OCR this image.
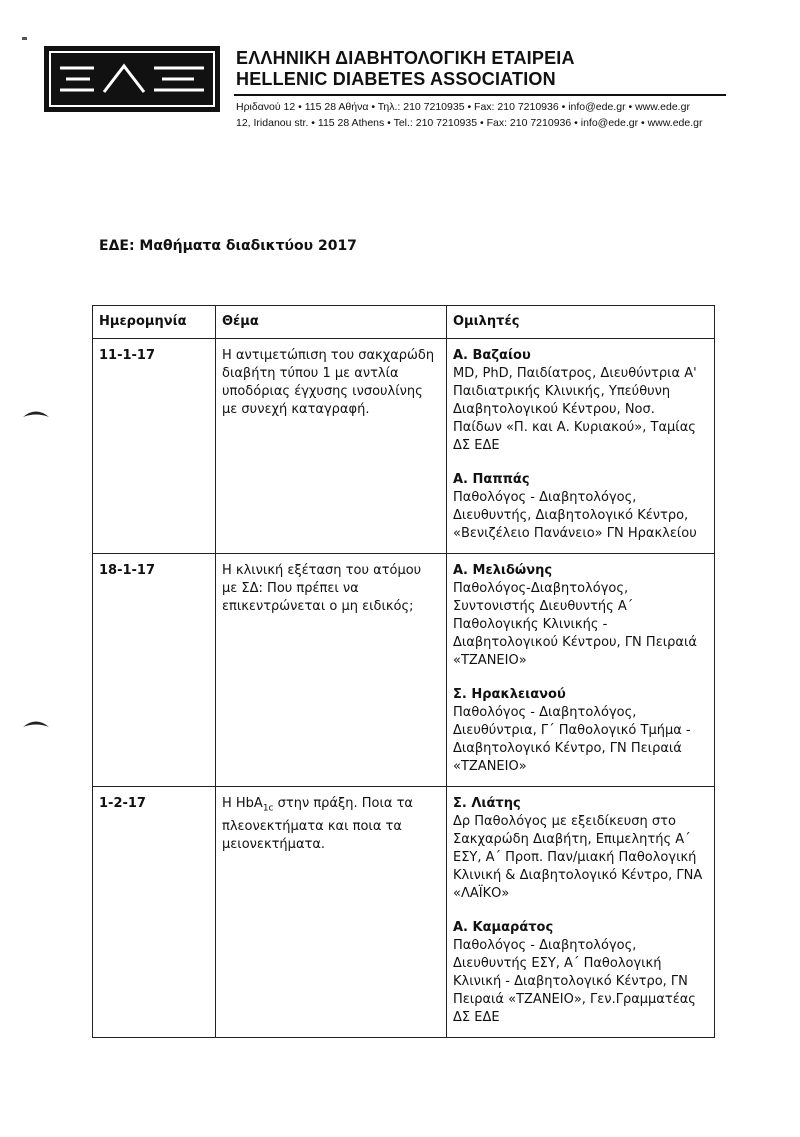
ΕΛΛΗΝΙΚΗ ΔΙΑΒΗΤΟΛΟΓΙΚΗ ΕΤΑΙΡΕΙΑ
HELLENIC DIABETES ASSOCIATION
Ηριδανού 12 • 115 28 Αθήνα • Τηλ.: 210 7210935 • Fax: 210 7210936 • info@ede.gr • www.ede.gr
12, Iridanou str. • 115 28 Athens • Tel.: 210 7210935 • Fax: 210 7210936 • info@ede.gr • www.ede.gr
ΕΔΕ: Μαθήματα διαδικτύου 2017
Ημερομηνία	Θέμα	Ομιλητές
11-1-17	Η αντιμετώπιση του σακχαρώδη διαβήτη τύπου 1 με αντλία υποδόριας έγχυσης ινσουλίνης με συνεχή καταγραφή.	Α. Βαζαίου
MD, PhD, Παιδίατρος, Διευθύντρια Α' Παιδιατρικής Κλινικής, Υπεύθυνη Διαβητολογικού Κέντρου, Νοσ. Παίδων «Π. και Α. Κυριακού», Ταμίας ΔΣ ΕΔΕ
Α. Παππάς
Παθολόγος - Διαβητολόγος, Διευθυντής, Διαβητολογικό Κέντρο, «Βενιζέλειο Πανάνειο» ΓΝ Ηρακλείου

18-1-17	Η κλινική εξέταση του ατόμου με ΣΔ: Που πρέπει να επικεντρώνεται ο μη ειδικός;	Α. Μελιδώνης
Παθολόγος-Διαβητολόγος, Συντονιστής Διευθυντής Α΄ Παθολογικής Κλινικής - Διαβητολογικού Κέντρου, ΓΝ Πειραιά «ΤΖΑΝΕΙΟ»
Σ. Ηρακλειανού
Παθολόγος - Διαβητολόγος, Διευθύντρια, Γ΄ Παθολογικό Τμήμα - Διαβητολογικό Κέντρο, ΓΝ Πειραιά «ΤΖΑΝΕΙΟ»

1-2-17	Η HbA$_{1c}$ στην πράξη. Ποια τα πλεονεκτήματα και ποια τα μειονεκτήματα.	Σ. Λιάτης
Δρ Παθολόγος με εξειδίκευση στο Σακχαρώδη Διαβήτη, Επιμελητής Α΄ ΕΣΥ, Α΄ Προπ. Παν/μιακή Παθολογική Κλινική & Διαβητολογικό Κέντρο, ΓΝΑ «ΛΑΪΚΟ»
Α. Καμαράτος
Παθολόγος - Διαβητολόγος, Διευθυντής ΕΣΥ, Α΄ Παθολογική Κλινική - Διαβητολογικό Κέντρο, ΓΝ Πειραιά «ΤΖΑΝΕΙΟ», Γεν.Γραμματέας ΔΣ ΕΔΕ
